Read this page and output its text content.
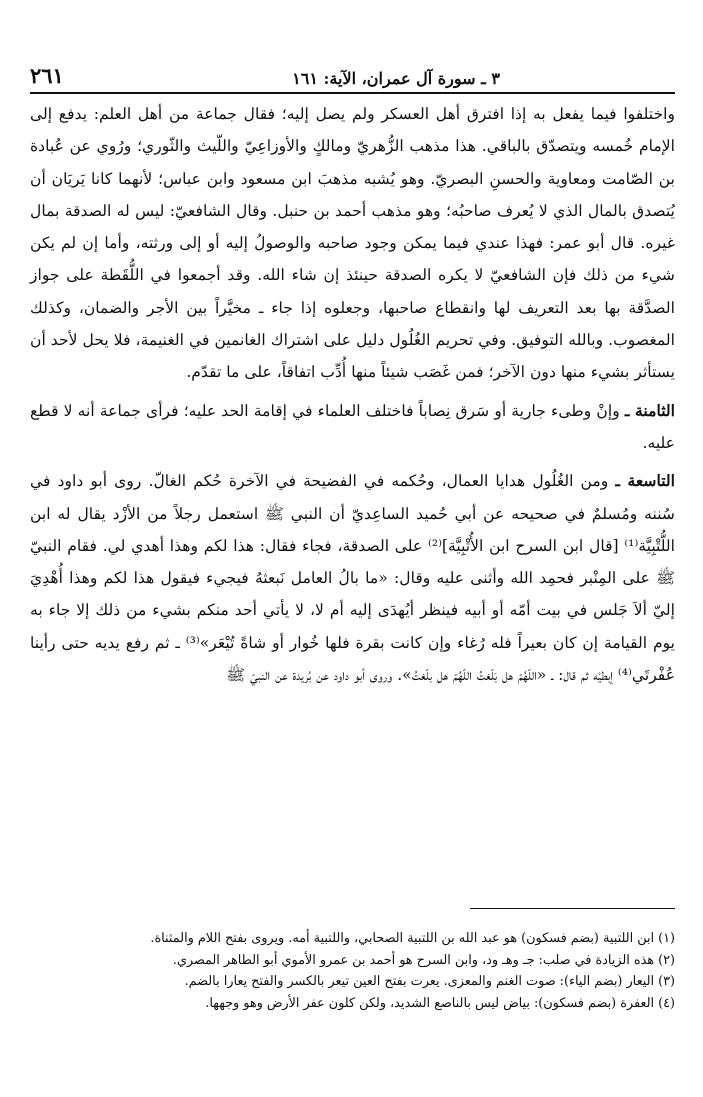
٢٦١	٣ ـ سورة آل عمران، الآية: ١٦١

واختلفوا فيما يفعل به إذا افترق أهل العسكر ولم يصل إليه؛ فقال جماعة من أهل العلم: يدفع إلى الإمام خُمسه ويتصدّق بالباقي. هذا مذهب الزُّهريّ ومالكٍ والأوزاعِيّ واللّيث والثّوري؛ ورُوي عن عُبادة بن الصّامت ومعاوية والحسنِ البصريّ. وهو يُشبه مذهبَ ابن مسعود وابن عباس؛ لأنهما كانا يَريَان أن يُتصدق بالمال الذي لا يُعرف صاحبُه؛ وهو مذهب أحمد بن حنبل. وقال الشافعيّ: ليس له الصدقة بمال غيره. قال أبو عمر: فهذا عندي فيما يمكن وجود صاحبه والوصولُ إليه أو إلى ورثته، وأما إن لم يكن شيء من ذلك فإن الشافعيّ لا يكره الصدقة حينئذ إن شاء الله. وقد أجمعوا في اللُّقَطة على جواز الصدَّقة بها بعد التعريف لها وانقطاع صاحبها، وجعلوه إذا جاء ـ مخيَّراً بين الأجر والضمان، وكذلك المغصوب. وبالله التوفيق. وفي تحريم الغُلُول دليل على اشتراك الغانمين في الغنيمة، فلا يحل لأحد أن يستأثر بشيء منها دون الآخر؛ فمن غَصَب شيئاً منها أُدِّب اتفاقاً، على ما تقدّم.

الثامنة ـ وإنْ وطىء جارية أو سَرق نِصاباً فاختلف العلماء في إقامة الحد عليه؛ فرأى جماعة أنه لا قطع عليه.

التاسعة ـ ومن الغُلُول هدايا العمال، وحُكمه في الفضيحة في الآخرة حُكم الغالّ. روى أبو داود في سُننه ومُسلمٌ في صحيحه عن أبي حُميد الساعِديّ أن النبي ﷺ استعمل رجلاً من الأزْد يقال له ابن اللُّتْبِيَّة⁽¹⁾ [قال ابن السرح ابن الأُتْبِيَّة]⁽²⁾ على الصدقة، فجاء فقال: هذا لكم وهذا أهدي لي. فقام النبيّ ﷺ على المِنْبر فحمِد الله وأثنى عليه وقال: «ما بالُ العامل نَبعثهُ فيجيء فيقول هذا لكم وهذا أُهْدِيَ إليّ ألاَ جَلس في بيت أمّه أو أبيه فينظر أيُهدَى إليه أم لا، لا يأتي أحد منكم بشيء من ذلك إلا جاء به يوم القيامة إن كان بعيراً فله رُغاء وإن كانت بقرة فلها خُوار أو شاةً تُيْعَر»⁽³⁾ ـ ثم رفع يديه حتى رأينا عُفْرتَي⁽⁴⁾ إبطيْه ثم قال: ـ «اللّهُمّ هل بَلّغتُ اللّهُمّ هل بلّغتُ». وروى أبو داود عن بُريدة عن النبيّ ﷺ

(١) ابن اللتبية (بضم فسكون) هو عبد الله بن اللتبية الصحابي، واللتبية أمه. ويروى بفتح اللام والمثناة.
(٢) هذه الزيادة في صلب: جـ وهـ ود، وابن السرح هو أحمد بن عمرو الأموي أبو الطاهر المصري.
(٣) اليعار (بضم الياء): صوت الغنم والمعزى. يعرت بفتح العين تيعر بالكسر والفتح يعارا بالضم.
(٤) العفرة (بضم فسكون): بياض ليس بالناصع الشديد، ولكن كلون عفر الأرض وهو وجهها.
